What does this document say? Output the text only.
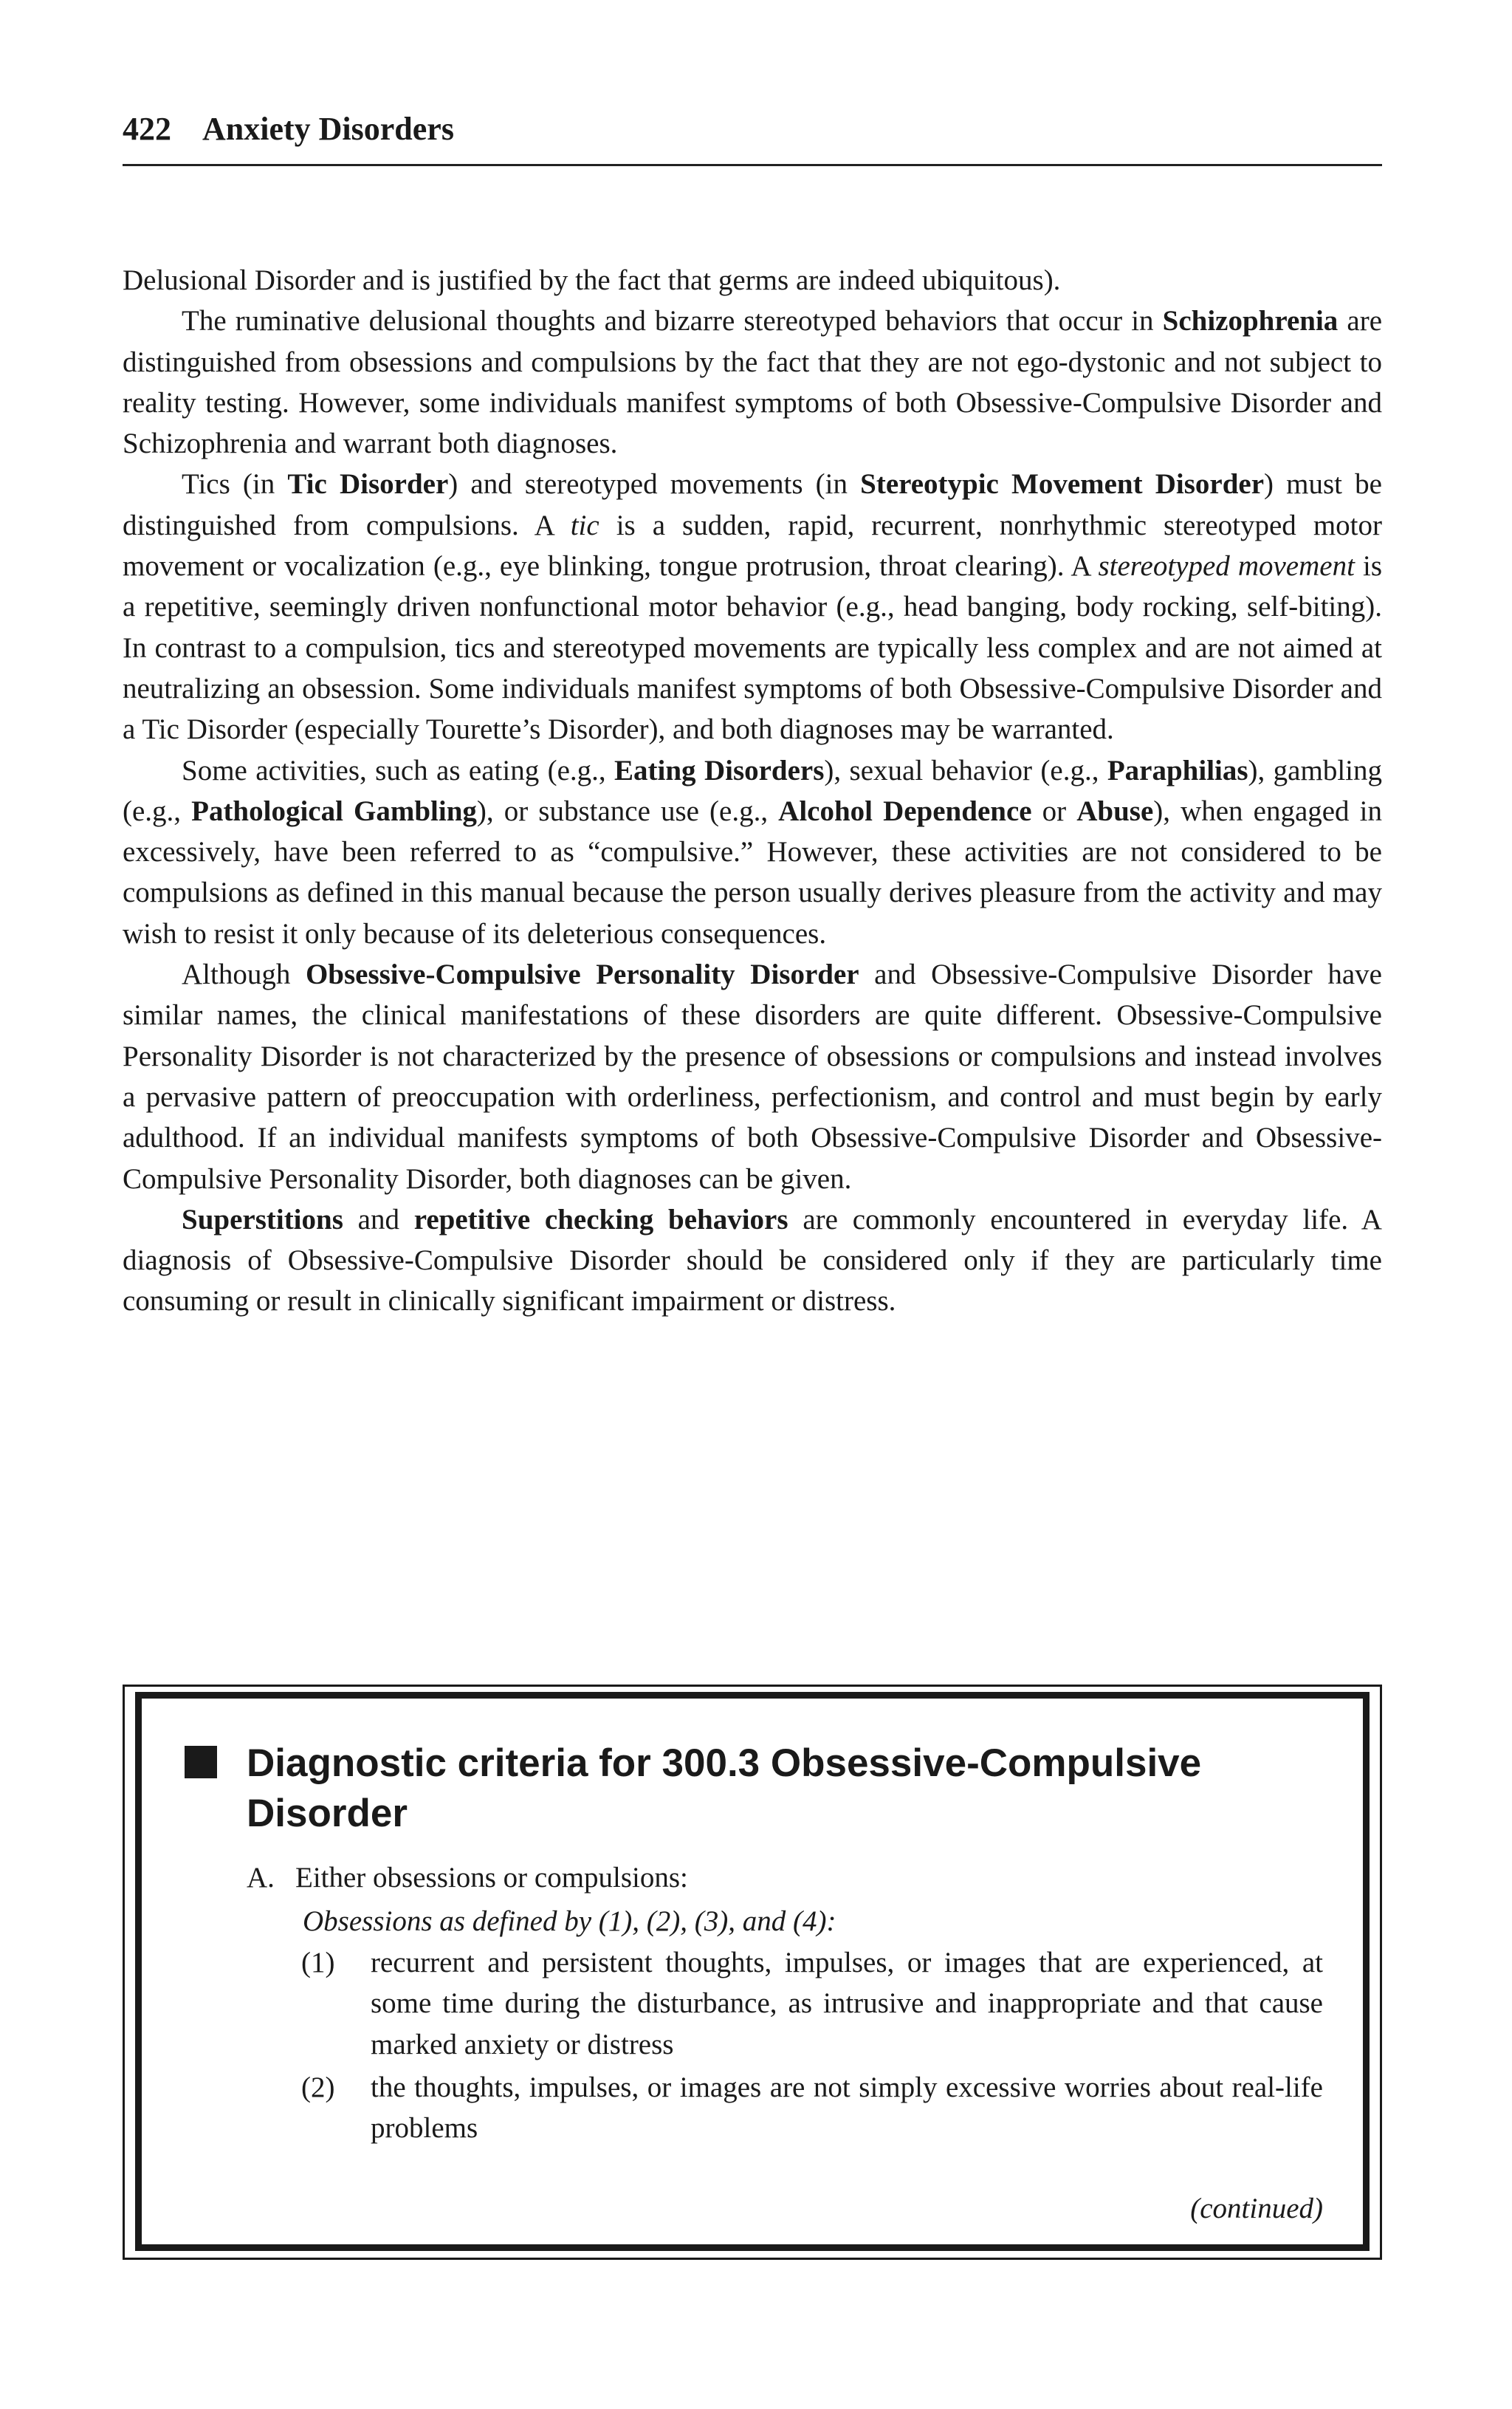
422 Anxiety Disorders

Delusional Disorder and is justified by the fact that germs are indeed ubiquitous).

The ruminative delusional thoughts and bizarre stereotyped behaviors that occur in Schizophrenia are distinguished from obsessions and compulsions by the fact that they are not ego-dystonic and not subject to reality testing. However, some individuals manifest symptoms of both Obsessive-Compulsive Disorder and Schizophrenia and warrant both diagnoses.

Tics (in Tic Disorder) and stereotyped movements (in Stereotypic Movement Disorder) must be distinguished from compulsions. A tic is a sudden, rapid, recurrent, nonrhythmic stereotyped motor movement or vocalization (e.g., eye blinking, tongue protrusion, throat clearing). A stereotyped movement is a repetitive, seemingly driven nonfunctional motor behavior (e.g., head banging, body rocking, self-biting). In contrast to a compulsion, tics and stereotyped movements are typically less complex and are not aimed at neutralizing an obsession. Some individuals manifest symptoms of both Obsessive-Compulsive Disorder and a Tic Disorder (especially Tourette’s Disorder), and both diagnoses may be warranted.

Some activities, such as eating (e.g., Eating Disorders), sexual behavior (e.g., Paraphilias), gambling (e.g., Pathological Gambling), or substance use (e.g., Alcohol Dependence or Abuse), when engaged in excessively, have been referred to as “compulsive.” However, these activities are not considered to be compulsions as defined in this manual because the person usually derives pleasure from the activity and may wish to resist it only because of its deleterious consequences.

Although Obsessive-Compulsive Personality Disorder and Obsessive-Compulsive Disorder have similar names, the clinical manifestations of these disorders are quite different. Obsessive-Compulsive Personality Disorder is not characterized by the presence of obsessions or compulsions and instead involves a pervasive pattern of preoccupation with orderliness, perfectionism, and control and must begin by early adulthood. If an individual manifests symptoms of both Obsessive-Compulsive Disorder and Obsessive-Compulsive Personality Disorder, both diagnoses can be given.

Superstitions and repetitive checking behaviors are commonly encountered in everyday life. A diagnosis of Obsessive-Compulsive Disorder should be considered only if they are particularly time consuming or result in clinically significant impairment or distress.

Diagnostic criteria for 300.3 Obsessive-Compulsive Disorder
A. Either obsessions or compulsions:
Obsessions as defined by (1), (2), (3), and (4):
(1) recurrent and persistent thoughts, impulses, or images that are experienced, at some time during the disturbance, as intrusive and inappropriate and that cause marked anxiety or distress
(2) the thoughts, impulses, or images are not simply excessive worries about real-life problems
(continued)
